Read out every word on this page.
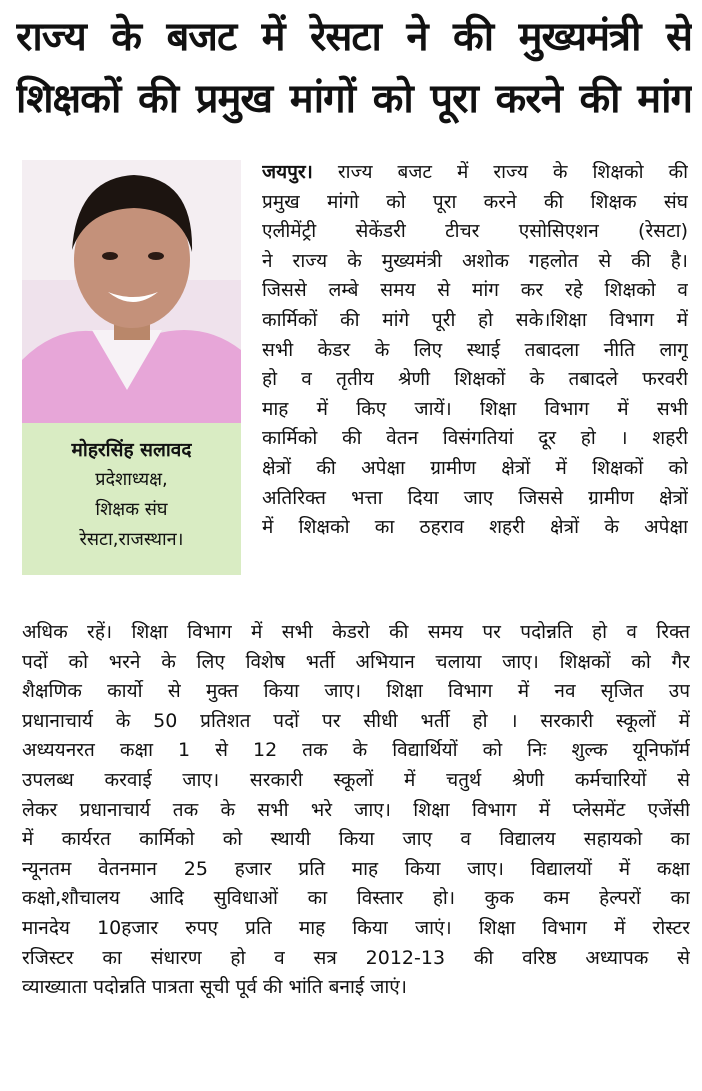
राज्य के बजट में रेसटा ने की मुख्यमंत्री से
शिक्षकों की प्रमुख मांगों को पूरा करने की मांग
मोहरसिंह सलावद
प्रदेशाध्यक्ष,
शिक्षक संघ
रेसटा,राजस्थान।
जयपुर। राज्य बजट में राज्य के शिक्षको की
प्रमुख मांगो को पूरा करने की शिक्षक संघ
एलीमेंट्री सेकेंडरी टीचर एसोसिएशन (रेसटा)
ने राज्य के मुख्यमंत्री अशोक गहलोत से की है।
जिससे लम्बे समय से मांग कर रहे शिक्षको व
कार्मिकों की मांगे पूरी हो सके।शिक्षा विभाग में
सभी केडर के लिए स्थाई तबादला नीति लागू
हो व तृतीय श्रेणी शिक्षकों के तबादले फरवरी
माह में किए जायें। शिक्षा विभाग में सभी
कार्मिको की वेतन विसंगतियां दूर हो । शहरी
क्षेत्रों की अपेक्षा ग्रामीण क्षेत्रों में शिक्षकों को
अतिरिक्त भत्ता दिया जाए जिससे ग्रामीण क्षेत्रों
में शिक्षको का ठहराव शहरी क्षेत्रों के अपेक्षा
अधिक रहें। शिक्षा विभाग में सभी केडरो की समय पर पदोन्नति हो व रिक्त
पदों को भरने के लिए विशेष भर्ती अभियान चलाया जाए। शिक्षकों को गैर
शैक्षणिक कार्यो से मुक्त किया जाए। शिक्षा विभाग में नव सृजित उप
प्रधानाचार्य के 50 प्रतिशत पदों पर सीधी भर्ती हो । सरकारी स्कूलों में
अध्ययनरत कक्षा 1 से 12 तक के विद्यार्थियों को निः शुल्क यूनिफॉर्म
उपलब्ध करवाई जाए। सरकारी स्कूलों में चतुर्थ श्रेणी कर्मचारियों से
लेकर प्रधानाचार्य तक के सभी भरे जाए। शिक्षा विभाग में प्लेसमेंट एजेंसी
में कार्यरत कार्मिको को स्थायी किया जाए व विद्यालय सहायको का
न्यूनतम वेतनमान 25 हजार प्रति माह किया जाए। विद्यालयों में कक्षा
कक्षो,शौचालय आदि सुविधाओं का विस्तार हो। कुक कम हेल्परों का
मानदेय 10हजार रुपए प्रति माह किया जाएं। शिक्षा विभाग में रोस्टर
रजिस्टर का संधारण हो व सत्र 2012-13 की वरिष्ठ अध्यापक से
व्याख्याता पदोन्नति पात्रता सूची पूर्व की भांति बनाई जाएं।
